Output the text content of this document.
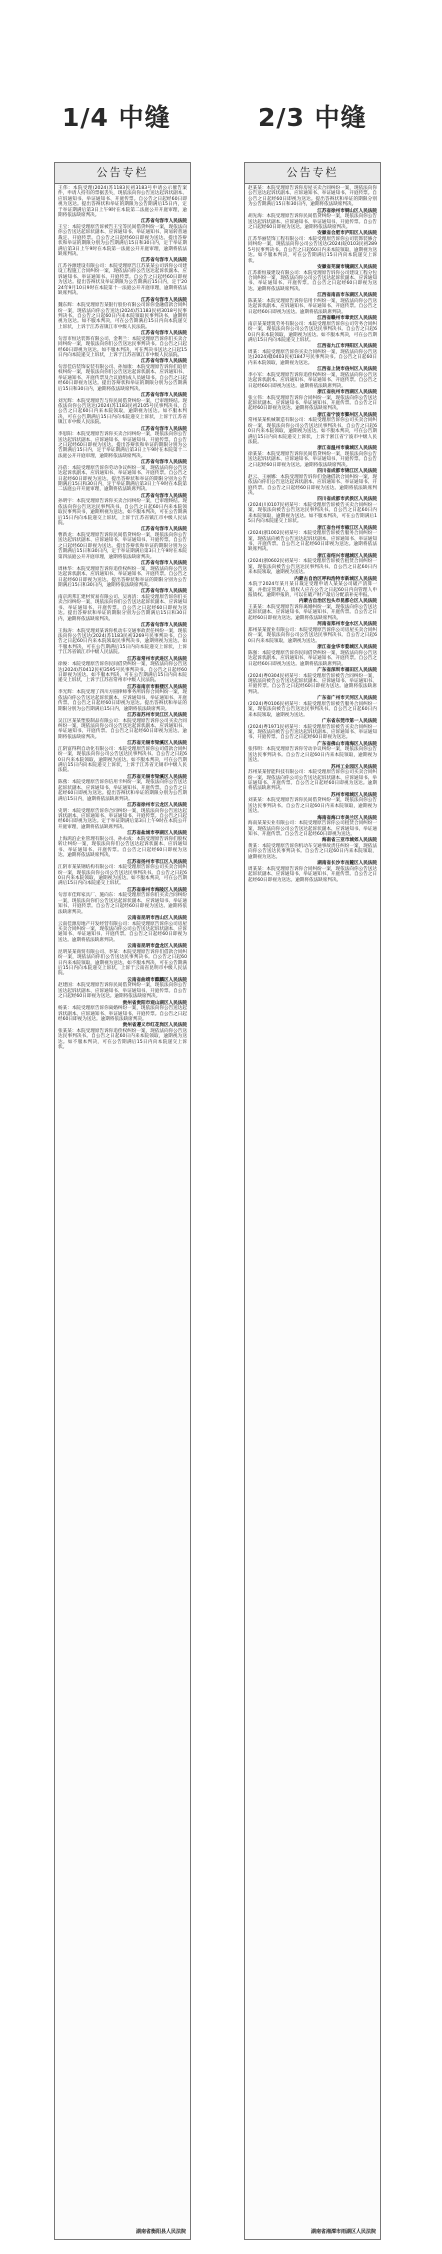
1/4 中缝	2/3 中缝
公告专栏
王伟：本院受理(2024)苏1183民初3183号申请公示催告案件，申请人持有的票据丢失，现依法向你公告送达起诉状副本、应诉通知书、举证通知书、开庭传票。自公告之日起经60日即视为送达。提出答辩状和举证的期限为公告期满后15日内，定于举证期满后第3日上午9时在本院第二法庭公开开庭审理，逾期将依法缺席判决。
江苏省句容市人民法院
王宝：本院受理原告诉被告王宝等民间借贷纠纷一案，现依法向你公告送达起诉状副本、应诉通知书、举证通知书、简易转普通裁定、开庭传票。自公告之日起经60日即视为送达。提出答辩状和举证的期限分别为公告期满后15日和30日内，定于举证期满后第3日上午9时在本院第一法庭公开开庭审理，逾期将依法缺席判决。
江苏省句容市人民法院
江苏谷源建设有限公司：本院受理原告江苏某某公司诉你公司建设工程施工合同纠纷一案，现依法向你公告送达起诉状副本、应诉通知书、举证通知书、开庭传票。自公告之日起经60日即视为送达。提出答辩状及举证期限为公告期满后15日内，定于2024年9月10日9时在本院第十一法庭公开开庭审理，逾期将依法缺席判决。
江苏省句容市人民法院
魏东辉：本院受理原告某银行股份有限公司诉你金融借款合同纠纷一案，现依法向你公告送达(2024)苏1183民初3018号民事判决书。自公告之日起60日内来本院领取民事判决书，逾期则视为送达。如不服本判决，可在公告期满后15日内向本院递交上诉状，上诉于江苏省镇江市中级人民法院。
江苏省句容市人民法院
句容市恒达装饰有限公司、金利兰：本院受理原告诉你们买卖合同纠纷一案，现依法向你们公告送达民事判决书。自公告之日起经60日即视为送达。如不服本判决，可在判决书送达之日起15日内向本院递交上诉状，上诉于江苏省镇江市中级人民法院。
江苏省句容市人民法院
句容佳信装饰安装有限公司、孙加康：本院受理原告诉你们追偿权纠纷一案，现依法向你们公告送达起诉状副本、应诉通知书、举证通知书、开庭传票及合议庭组成人员通知书。自公告之日起经60日即视为送达。提出答辩状和举证的期限分别为公告期满后15日和30日内，逾期将依法缺席判决。
江苏省句容市人民法院
刘光辉：本院受理原告与你民间借贷纠纷一案，已审理终结。现依法向你公告送达(2024)苏1183民初2105号民事判决书。自公告之日起60日内来本院领取，逾期视为送达。如不服本判决，可在公告期满后15日内向本院递交上诉状，上诉于江苏省镇江市中级人民法院。
江苏省句容市人民法院
李思阳：本院受理原告诉你买卖合同纠纷一案，现依法向你公告送达起诉状副本、应诉通知书、举证通知书、开庭传票。自公告之日起经60日即视为送达。提出答辩状和举证的期限分别为公告期满后15日内，定于举证期满后第3日上午9时在本院第十二法庭公开开庭审理，逾期将依法缺席判决。
江苏省句容市人民法院
冯蓓：本院受理原告诉你劳动争议纠纷一案，现依法向你公告送达起诉状副本、应诉通知书、举证通知书、开庭传票。自公告之日起经60日即视为送达。提出答辩状和举证的期限分别为公告期满后15日和30日内，定于举证期满后第3日上午9时在本院第二法庭公开开庭审理，逾期将依法缺席判决。
江苏省句容市人民法院
孙明宇：本院受理原告诉你买卖合同纠纷一案，已审理终结。现依法向你公告送达民事判决书。自公告之日起60日内来本院领取民事判决书，逾期则视为送达。如不服本判决，可在公告期满后15日内向本院递交上诉状，上诉于江苏省镇江市中级人民法院。
江苏省句容市人民法院
曹新龙：本院受理原告诉你民间借贷纠纷一案，现依法向你公告送达起诉状副本、应诉通知书、举证通知书、开庭传票。自公告之日起经60日即视为送达。提出答辩状和举证的期限分别为公告期满后15日和30日内，定于举证期满后第3日上午9时在本院第四法庭公开开庭审理，逾期将依法缺席判决。
江苏省句容市人民法院
周林华：本院受理原告诉你追偿权纠纷一案，现依法向你公告送达起诉状副本、应诉通知书、举证通知书、开庭传票。自公告之日起经60日即视为送达。提出答辩状和举证的期限分别为公告期满后15日和30日内，逾期将依法缺席判决。
江苏省句容市人民法院
南京鸿邦汇建材贸易有限公司、吴再清：本院受理原告诉你们买卖合同纠纷一案，现依法向你们公告送达起诉状副本、应诉通知书、举证通知书、开庭传票。自公告之日起经60日即视为送达。提出答辩状和举证的期限分别为公告期满后15日和30日内，逾期将依法缺席判决。
江苏省句容市人民法院
王海涛：本院受理刘某诉你机动车交通事故责任纠纷一案，现依法向你公告送达(2024)苏1183民初3269号民事判决书。自公告之日起60日内来本院领取民事判决书，逾期则视为送达。如不服本判决，可在公告期满后15日内向本院递交上诉状，上诉于江苏省镇江市中级人民法院。
江苏省常州市武进区人民法院
徐俊：本院受理原告诉你民间借贷纠纷一案，现依法向你公告送达(2024)苏0412民初3595号民事判决书。自公告之日起经60日即视为送达。如不服本判决，可在公告期满后15日内向本院递交上诉状，上诉于江苏省常州市中级人民法院。
江苏省南京市鼓楼区人民法院
李光辉：本院受理了四川方圆律师事务所诉你合同纠纷一案，现依法向你公告送达起诉状副本、应诉通知书、举证通知书、开庭传票。自公告之日起经60日即视为送达。提出答辩状和举证的期限分别为公告期满后15日内，逾期将依法缺席判决。
江苏省苏州市吴江区人民法院
吴江区某某塑胶制品有限公司：本院受理原告诉你公司买卖合同纠纷一案，现依法向你公司公告送达起诉状副本、应诉通知书、举证通知书、开庭传票。自公告之日起经60日即视为送达。逾期将依法缺席判决。
江苏省无锡市梁溪区人民法院
江阴富得利自动化有限公司：本院受理原告诉你公司借款合同纠纷一案，现依法向你公司公告送达民事判决书。自公告之日起60日内来本院领取，逾期视为送达。如不服本判决，可在公告期满后15日内向本院递交上诉状，上诉于江苏省无锡市中级人民法院。
江苏省无锡市梁溪区人民法院
陈燕：本院受理原告诉你信用卡纠纷一案，现依法向你公告送达起诉状副本、应诉通知书、举证通知书、开庭传票。自公告之日起经60日即视为送达。提出答辩状和举证的期限分别为公告期满后15日内，逾期将依法缺席判决。
江苏省徐州市云龙区人民法院
史明：本院受理原告诉你合同纠纷一案，现依法向你公告送达起诉状副本、应诉通知书、举证通知书、开庭传票。自公告之日起经60日即视为送达。定于举证期满后第3日上午9时在本院公开开庭审理，逾期将依法缺席判决。
江苏省盐城市亭湖区人民法院
上海鸿泊企业管理有限公司、孙永成：本院受理原告诉你们股权转让纠纷一案，现依法向你们公告送达起诉状副本、应诉通知书、举证通知书、开庭传票。自公告之日起经60日即视为送达。逾期将依法缺席判决。
江苏省扬州市邗江区人民法院
江阴市某某钢结构有限公司：本院受理原告诉你公司买卖合同纠纷一案，现依法向你公司公告送达民事判决书。自公告之日起60日内来本院领取，逾期视为送达。如不服本判决，可在公告期满后15日内向本院递交上诉状。
江苏省泰州市海陵区人民法院
句容市佳辉家具厂、施向东：本院受理原告诉你们买卖合同纠纷一案，现依法向你们公告送达起诉状副本、应诉通知书、举证通知书、开庭传票。自公告之日起经60日即视为送达。逾期将依法缺席判决。
云南省昆明市西山区人民法院
云南佳源房地产开发经营有限公司：本院受理原告诉你公司房屋买卖合同纠纷一案，现依法向你公司公告送达起诉状副本、应诉通知书、举证通知书、开庭传票。自公告之日起经60日即视为送达。逾期将依法缺席判决。
云南省昆明市盘龙区人民法院
昆明某某商贸有限公司、李某：本院受理原告诉你们借款合同纠纷一案，现依法向你们公告送达民事判决书。自公告之日起60日内来本院领取，逾期视为送达。如不服本判决，可在公告期满后15日内向本院递交上诉状，上诉于云南省昆明市中级人民法院。
云南省曲靖市麒麟区人民法院
赵建国：本院受理原告诉你民间借贷纠纷一案，现依法向你公告送达起诉状副本、应诉通知书、举证通知书、开庭传票。自公告之日起经60日即视为送达。逾期将依法缺席判决。
贵州省贵阳市观山湖区人民法院
杨某：本院受理原告诉你离婚纠纷一案，现依法向你公告送达起诉状副本、应诉通知书、举证通知书、开庭传票。自公告之日起经60日即视为送达。逾期将依法缺席判决。
贵州省遵义市红花岗区人民法院
张某某：本院受理原告诉你追偿权纠纷一案，现依法向你公告送达民事判决书。自公告之日起60日内来本院领取，逾期视为送达。如不服本判决，可在公告期满后15日内向本院递交上诉状。
湖南省衡阳县人民法院
公告专栏
赵某某：本院受理原告诉你房屋买卖合同纠纷一案，现依法向你公告送达起诉状副本、应诉通知书、举证通知书、开庭传票。自公告之日起经60日即视为送达。提出答辩状和举证的期限分别为公告期满后15日和30日内，逾期将依法缺席判决。
江苏省徐州市铜山区人民法院
胡先海：本院受理原告诉你民间借贷纠纷一案，现依法向你公告送达起诉状副本、应诉通知书、举证通知书、开庭传票。自公告之日起经60日即视为送达。逾期将依法缺席判决。
安徽省合肥市庐阳区人民法院
江苏华丽装饰工程有限公司：本院受理原告诉你公司装饰装修合同纠纷一案，现依法向你公司公告送达(2024)皖0103民初2895号民事判决书。自公告之日起60日内来本院领取，逾期视为送达。如不服本判决，可在公告期满后15日内向本院递交上诉状。
安徽省芜湖市镜湖区人民法院
江苏新恒晟建设有限公司：本院受理原告诉你公司建设工程分包合同纠纷一案，现依法向你公司公告送达起诉状副本、应诉通知书、举证通知书、开庭传票。自公告之日起经60日即视为送达。逾期将依法缺席判决。
江西省南昌市东湖区人民法院
陈某某：本院受理原告诉你信用卡纠纷一案，现依法向你公告送达起诉状副本、应诉通知书、举证通知书、开庭传票。自公告之日起经60日即视为送达。逾期将依法缺席判决。
江西省赣州市章贡区人民法院
南京某某建筑劳务有限公司：本院受理原告诉你公司劳务合同纠纷一案，现依法向你公司公告送达民事判决书。自公告之日起60日内来本院领取，逾期视为送达。如不服本判决，可在公告期满后15日内向本院递交上诉状。
江西省九江市浔阳区人民法院
周某：本院受理原告诉你买卖合同纠纷一案，现依法向你公告送达(2024)赣0403民初1847号民事判决书。自公告之日起60日内来本院领取，逾期视为送达。
江西省上饶市信州区人民法院
李小军：本院受理原告诉你追偿权纠纷一案，现依法向你公告送达起诉状副本、应诉通知书、举证通知书、开庭传票。自公告之日起经60日即视为送达。逾期将依法缺席判决。
浙江省杭州市西湖区人民法院
张立伟：本院受理原告诉你合同纠纷一案，现依法向你公告送达起诉状副本、应诉通知书、举证通知书、开庭传票。自公告之日起经60日即视为送达。逾期将依法缺席判决。
浙江省宁波市鄞州区人民法院
常州某某机械制造有限公司：本院受理原告诉你公司买卖合同纠纷一案，现依法向你公司公告送达民事判决书。自公告之日起60日内来本院领取，逾期视为送达。如不服本判决，可在公告期满后15日内向本院递交上诉状，上诉于浙江省宁波市中级人民法院。
浙江省温州市鹿城区人民法院
徐某某：本院受理原告诉你民间借贷纠纷一案，现依法向你公告送达起诉状副本、应诉通知书、举证通知书、开庭传票。自公告之日起经60日即视为送达。逾期将依法缺席判决。
四川省成都市锦江区人民法院
赵云、王丽娜：本院受理原告诉你们金融借款合同纠纷一案，现依法向你们公告送达起诉状副本、应诉通知书、举证通知书、开庭传票。自公告之日起经60日即视为送达。逾期将依法缺席判决。
四川省成都市武侯区人民法院
(2024)川0107民初某号：本院受理原告诉被告买卖合同纠纷一案，现依法向被告公告送达民事判决书。自公告之日起60日内来本院领取，逾期视为送达。如不服本判决，可在公告期满后15日内向本院递交上诉状。
浙江省台州市椒江区人民法院
(2024)浙1002民初某号：本院受理原告诉被告服务合同纠纷一案，现依法向被告公告送达起诉状副本、应诉通知书、举证通知书、开庭传票。自公告之日起经60日即视为送达。逾期将依法缺席判决。
浙江省绍兴市越城区人民法院
(2024)浙0602民初某号：本院受理原告诉被告租赁合同纠纷一案，现依法向被告公告送达民事判决书。自公告之日起60日内来本院领取，逾期视为送达。
内蒙古自治区呼和浩特市新城区人民法院
本院于2024年某月某日裁定受理申请人某某公司破产清算一案，并指定管理人。债权人应在公告之日起60日内向管理人申报债权。逾期申报的，可以在破产财产最后分配前补充申报。
内蒙古自治区包头市昆都仑区人民法院
王某某：本院受理原告诉你离婚纠纷一案，现依法向你公告送达起诉状副本、应诉通知书、举证通知书、开庭传票。自公告之日起经60日即视为送达。逾期将依法缺席判决。
河南省郑州市金水区人民法院
郑州某某置业有限公司：本院受理原告诉你公司房屋买卖合同纠纷一案，现依法向你公司公告送达民事判决书。自公告之日起60日内来本院领取，逾期视为送达。
浙江省金华市婺城区人民法院
陈强：本院受理原告诉你民间借贷纠纷一案，现依法向你公告送达起诉状副本、应诉通知书、举证通知书、开庭传票。自公告之日起经60日即视为送达。逾期将依法缺席判决。
广东省深圳市福田区人民法院
(2024)粤0304民初某号：本院受理原告诉被告合同纠纷一案，现依法向被告公告送达起诉状副本、应诉通知书、举证通知书、开庭传票。自公告之日起经60日即视为送达。逾期将依法缺席判决。
广东省广州市天河区人民法院
(2024)粤0106民初某号：本院受理原告诉被告服务合同纠纷一案，现依法向被告公告送达民事判决书。自公告之日起60日内来本院领取，逾期视为送达。
广东省东莞市第一人民法院
(2024)粤1971民初某号：本院受理原告诉被告买卖合同纠纷一案，现依法向被告公告送达起诉状副本、应诉通知书、举证通知书、开庭传票。自公告之日起经60日即视为送达。
广东省佛山市南海区人民法院
张伟明：本院受理原告诉你劳动争议纠纷一案，现依法向你公告送达民事判决书。自公告之日起60日内来本院领取，逾期视为送达。
苏州工业园区人民法院
苏州某某智能科技有限公司：本院受理原告诉你公司买卖合同纠纷一案，现依法向你公司公告送达起诉状副本、应诉通知书、举证通知书、开庭传票。自公告之日起经60日即视为送达。逾期将依法缺席判决。
苏州市相城区人民法院
刘某某：本院受理原告诉你民间借贷纠纷一案，现依法向你公告送达民事判决书。自公告之日起60日内来本院领取，逾期视为送达。
海南省海口市美兰区人民法院
海南某某实业有限公司：本院受理原告诉你公司租赁合同纠纷一案，现依法向你公司公告送达起诉状副本、应诉通知书、举证通知书、开庭传票。自公告之日起经60日即视为送达。
海南省三亚市城郊人民法院
黄某：本院受理原告诉你机动车交通事故责任纠纷一案，现依法向你公告送达民事判决书。自公告之日起60日内来本院领取，逾期视为送达。
湖南省长沙市岳麓区人民法院
周某某：本院受理原告诉你合同纠纷一案，现依法向你公告送达起诉状副本、应诉通知书、举证通知书、开庭传票。自公告之日起经60日即视为送达。逾期将依法缺席判决。
湖南省湘潭市雨湖区人民法院
